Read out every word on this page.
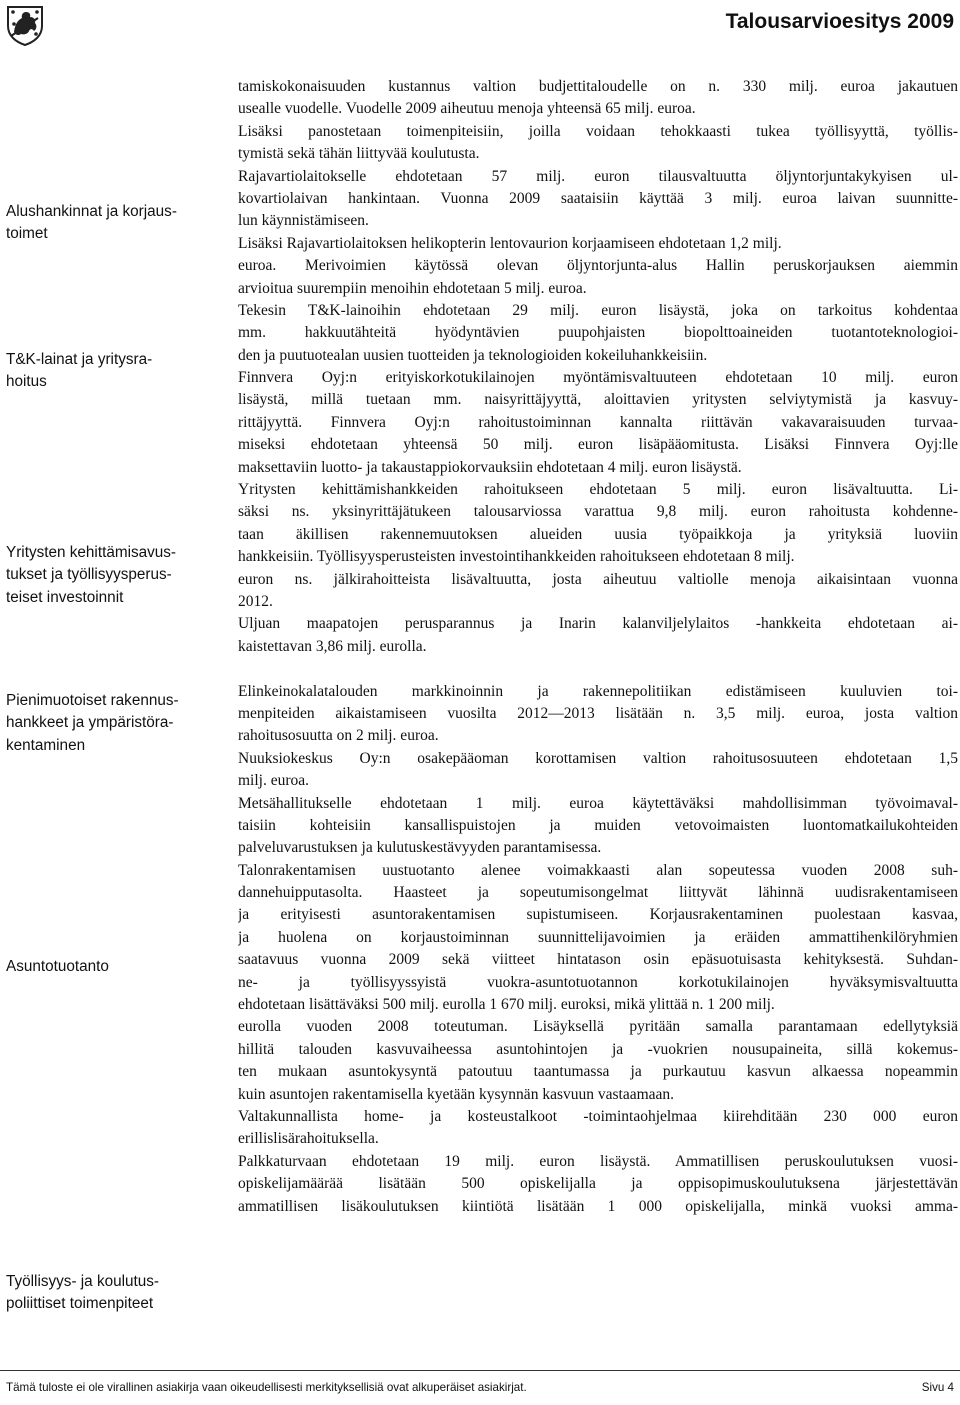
Talousarvioesitys 2009
Alushankinnat ja korjaus-
toimet
T&K-lainat ja yritysra-
hoitus
Yritysten kehittämisavus-
tukset ja työllisyysperus-
teiset investoinnit
Pienimuotoiset rakennus-
hankkeet ja ympäristöra-
kentaminen
Asuntotuotanto
Työllisyys- ja koulutus-
poliittiset toimenpiteet
tamiskokonaisuuden kustannus valtion budjettitaloudelle on n. 330 milj. euroa jakautuen
usealle vuodelle. Vuodelle 2009 aiheutuu menoja yhteensä 65 milj. euroa.
Lisäksi panostetaan toimenpiteisiin, joilla voidaan tehokkaasti tukea työllisyyttä, työllis-
tymistä sekä tähän liittyvää koulutusta.
Rajavartiolaitokselle ehdotetaan 57 milj. euron tilausvaltuutta öljyntorjuntakykyisen ul-
kovartiolaivan hankintaan. Vuonna 2009 saataisiin käyttää 3 milj. euroa laivan suunnitte-
lun käynnistämiseen.
Lisäksi Rajavartiolaitoksen helikopterin lentovaurion korjaamiseen ehdotetaan 1,2 milj.
euroa. Merivoimien käytössä olevan öljyntorjunta-alus Hallin peruskorjauksen aiemmin
arvioitua suurempiin menoihin ehdotetaan 5 milj. euroa.
Tekesin T&K-lainoihin ehdotetaan 29 milj. euron lisäystä, joka on tarkoitus kohdentaa
mm. hakkuutähteitä hyödyntävien puupohjaisten biopolttoaineiden tuotantoteknologioi-
den ja puutuotealan uusien tuotteiden ja teknologioiden kokeiluhankkeisiin.
Finnvera Oyj:n erityiskorkotukilainojen myöntämisvaltuuteen ehdotetaan 10 milj. euron
lisäystä, millä tuetaan mm. naisyrittäjyyttä, aloittavien yritysten selviytymistä ja kasvuy-
rittäjyyttä. Finnvera Oyj:n rahoitustoiminnan kannalta riittävän vakavaraisuuden turvaa-
miseksi ehdotetaan yhteensä 50 milj. euron lisäpääomitusta. Lisäksi Finnvera Oyj:lle
maksettaviin luotto- ja takaustappiokorvauksiin ehdotetaan 4 milj. euron lisäystä.
Yritysten kehittämishankkeiden rahoitukseen ehdotetaan 5 milj. euron lisävaltuutta. Li-
säksi ns. yksinyrittäjätukeen talousarviossa varattua 9,8 milj. euron rahoitusta kohdenne-
taan äkillisen rakennemuutoksen alueiden uusia työpaikkoja ja yrityksiä luoviin
hankkeisiin. Työllisyysperusteisten investointihankkeiden rahoitukseen ehdotetaan 8 milj.
euron ns. jälkirahoitteista lisävaltuutta, josta aiheutuu valtiolle menoja aikaisintaan vuonna
2012.
Uljuan maapatojen perusparannus ja Inarin kalanviljelylaitos -hankkeita ehdotetaan ai-
kaistettavan 3,86 milj. eurolla.
Elinkeinokalatalouden markkinoinnin ja rakennepolitiikan edistämiseen kuuluvien toi-
menpiteiden aikaistamiseen vuosilta 2012—2013 lisätään n. 3,5 milj. euroa, josta valtion
rahoitusosuutta on 2 milj. euroa.
Nuuksiokeskus Oy:n osakepääoman korottamisen valtion rahoitusosuuteen ehdotetaan 1,5
milj. euroa.
Metsähallitukselle ehdotetaan 1 milj. euroa käytettäväksi mahdollisimman työvoimaval-
taisiin kohteisiin kansallispuistojen ja muiden vetovoimaisten luontomatkailukohteiden
palveluvarustuksen ja kulutuskestävyyden parantamisessa.
Talonrakentamisen uustuotanto alenee voimakkaasti alan sopeutessa vuoden 2008 suh-
dannehuipputasolta. Haasteet ja sopeutumisongelmat liittyvät lähinnä uudisrakentamiseen
ja erityisesti asuntorakentamisen supistumiseen. Korjausrakentaminen puolestaan kasvaa,
ja huolena on korjaustoiminnan suunnittelijavoimien ja eräiden ammattihenkilöryhmien
saatavuus vuonna 2009 sekä viitteet hintatason osin epäsuotuisasta kehityksestä. Suhdan-
ne- ja työllisyyssyistä vuokra-asuntotuotannon korkotukilainojen hyväksymisvaltuutta
ehdotetaan lisättäväksi 500 milj. eurolla 1 670 milj. euroksi, mikä ylittää n. 1 200 milj.
eurolla vuoden 2008 toteutuman. Lisäyksellä pyritään samalla parantamaan edellytyksiä
hillitä talouden kasvuvaiheessa asuntohintojen ja -vuokrien nousupaineita, sillä kokemus-
ten mukaan asuntokysyntä patoutuu taantumassa ja purkautuu kasvun alkaessa nopeammin
kuin asuntojen rakentamisella kyetään kysynnän kasvuun vastaamaan.
Valtakunnallista home- ja kosteustalkoot -toimintaohjelmaa kiirehditään 230 000 euron
erillislisärahoituksella.
Palkkaturvaan ehdotetaan 19 milj. euron lisäystä. Ammatillisen peruskoulutuksen vuosi-
opiskelijamäärää lisätään 500 opiskelijalla ja oppisopimuskoulutuksena järjestettävän
ammatillisen lisäkoulutuksen kiintiötä lisätään 1 000 opiskelijalla, minkä vuoksi amma-
Tämä tuloste ei ole virallinen asiakirja vaan oikeudellisesti merkityksellisiä ovat alkuperäiset asiakirjat.	Sivu 4
